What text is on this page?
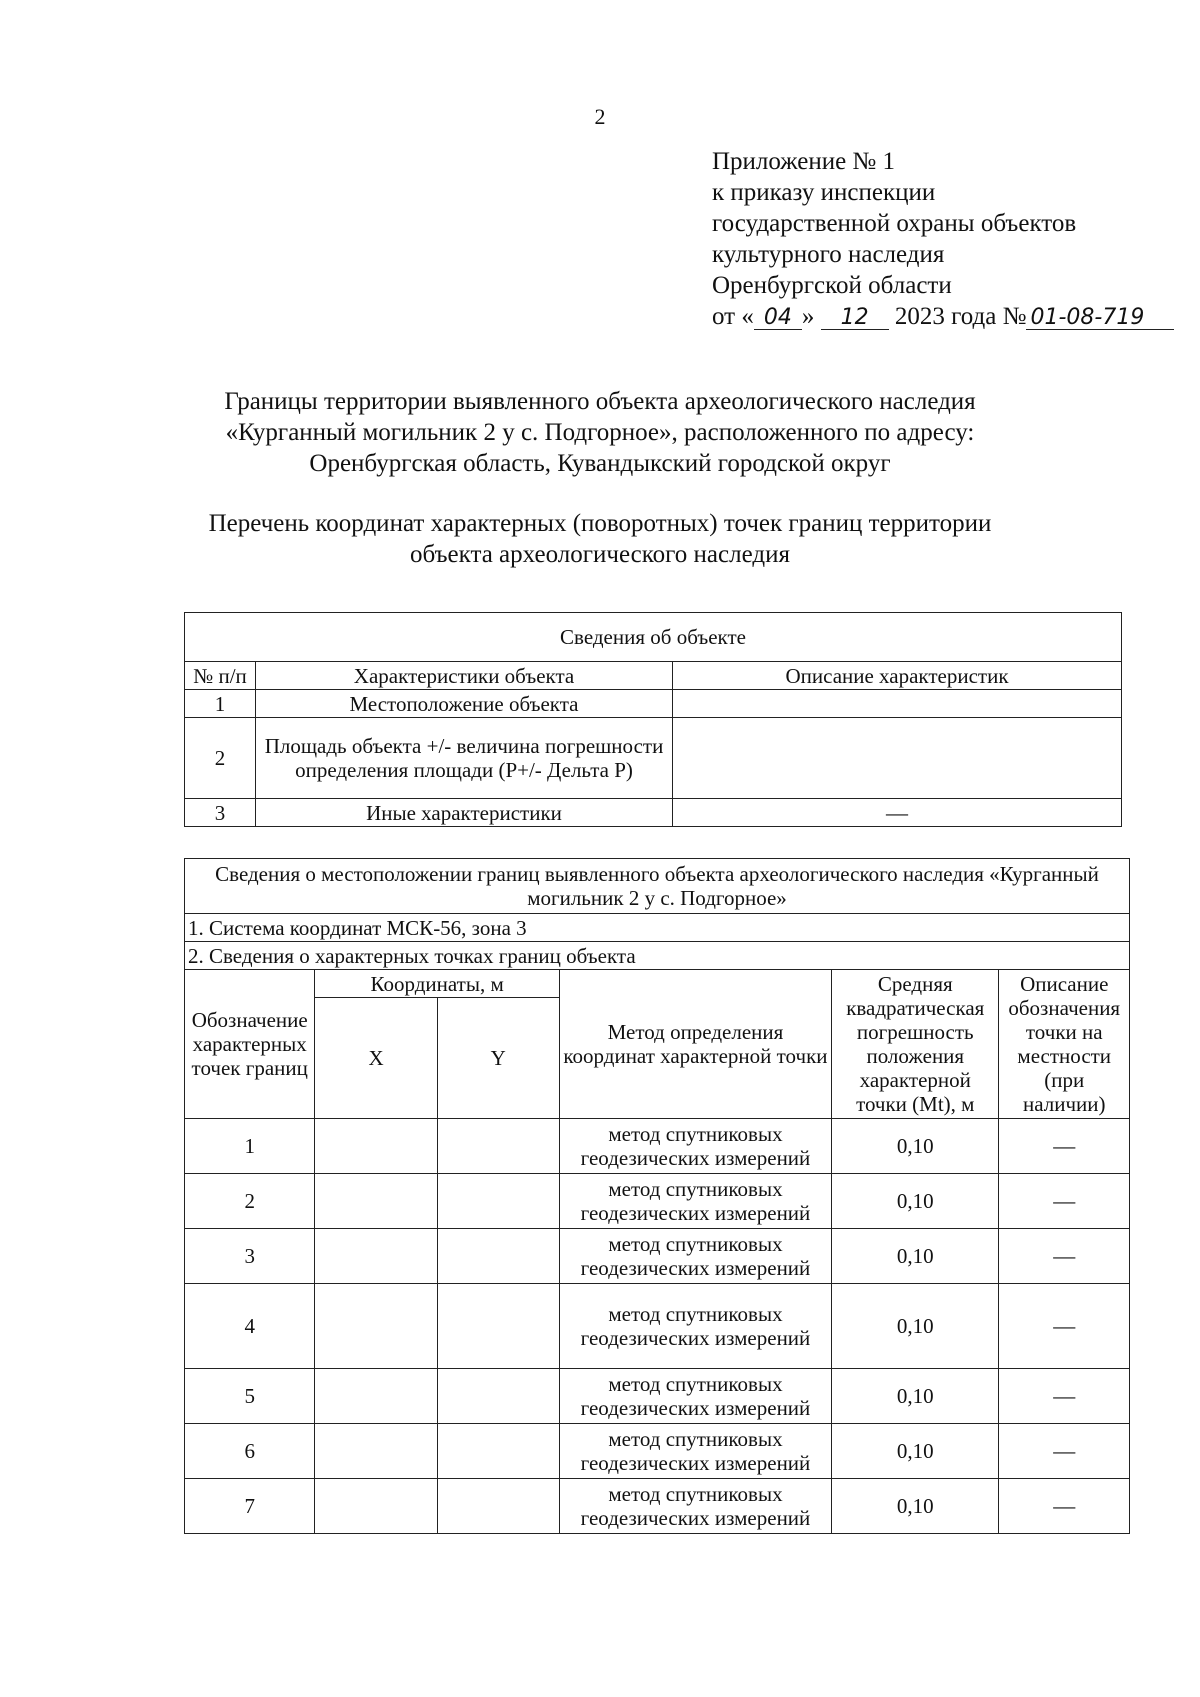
2
Приложение № 1
к приказу инспекции
государственной охраны объектов
культурного наследия
Оренбургской области
от « 04 » 12 2023 года № 01-08-719
Границы территории выявленного объекта археологического наследия
«Курганный могильник 2 у с. Подгорное», расположенного по адресу:
Оренбургская область, Кувандыкский городской округ
Перечень координат характерных (поворотных) точек границ территории
объекта археологического наследия
Сведения об объекте		
№ п/п	Характеристики объекта	Описание характеристик
1	Местоположение объекта	
2	Площадь объекта +/- величина погрешности определения площади (P+/- Дельта P)	
3	Иные характеристики	—
Сведения о местоположении границ выявленного объекта археологического наследия «Курганный могильник 2 у с. Подгорное»					
1. Система координат МСК-56, зона 3					
2. Сведения о характерных точках границ объекта					
Обозначение характерных точек границ	Координаты, м		Метод определения координат характерной точки	Средняя квадратическая погрешность положения характерной точки (Mt), м	Описание обозначения точки на местности (при наличии)
	X	Y			
1			метод спутниковых геодезических измерений	0,10	—
2			метод спутниковых геодезических измерений	0,10	—
3			метод спутниковых геодезических измерений	0,10	—
4			метод спутниковых геодезических измерений	0,10	—
5			метод спутниковых геодезических измерений	0,10	—
6			метод спутниковых геодезических измерений	0,10	—
7			метод спутниковых геодезических измерений	0,10	—
